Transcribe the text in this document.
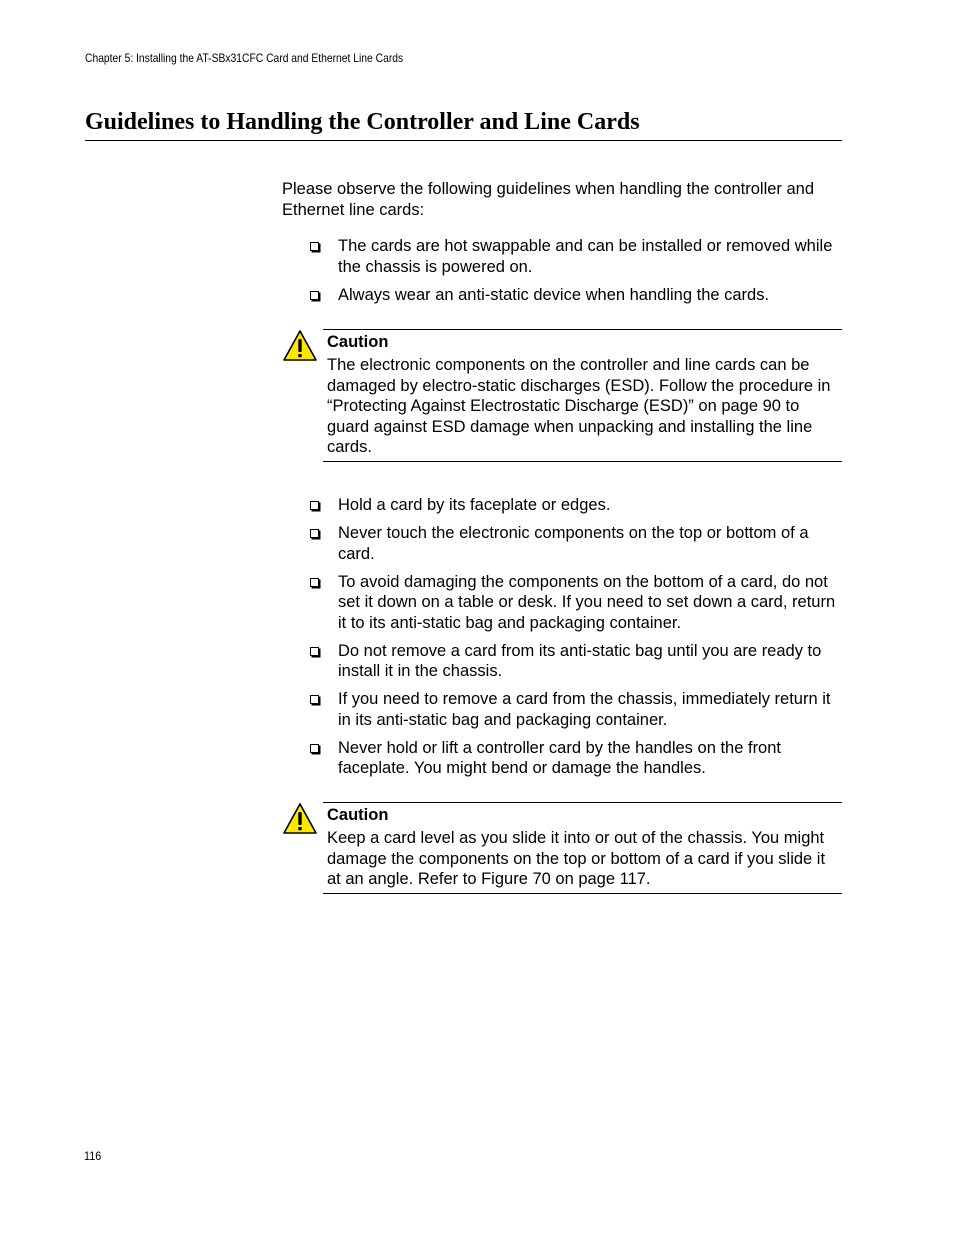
Chapter 5: Installing the AT-SBx31CFC Card and Ethernet Line Cards
Guidelines to Handling the Controller and Line Cards

Please observe the following guidelines when handling the controller and Ethernet line cards:

The cards are hot swappable and can be installed or removed while the chassis is powered on.
Always wear an anti-static device when handling the cards.
Caution
The electronic components on the controller and line cards can be damaged by electro-static discharges (ESD). Follow the procedure in “Protecting Against Electrostatic Discharge (ESD)” on page 90 to guard against ESD damage when unpacking and installing the line cards.
Hold a card by its faceplate or edges.
Never touch the electronic components on the top or bottom of a card.
To avoid damaging the components on the bottom of a card, do not set it down on a table or desk. If you need to set down a card, return it to its anti-static bag and packaging container.
Do not remove a card from its anti-static bag until you are ready to install it in the chassis.
If you need to remove a card from the chassis, immediately return it in its anti-static bag and packaging container.
Never hold or lift a controller card by the handles on the front faceplate. You might bend or damage the handles.
Caution
Keep a card level as you slide it into or out of the chassis. You might damage the components on the top or bottom of a card if you slide it at an angle. Refer to Figure 70 on page 117.
116
